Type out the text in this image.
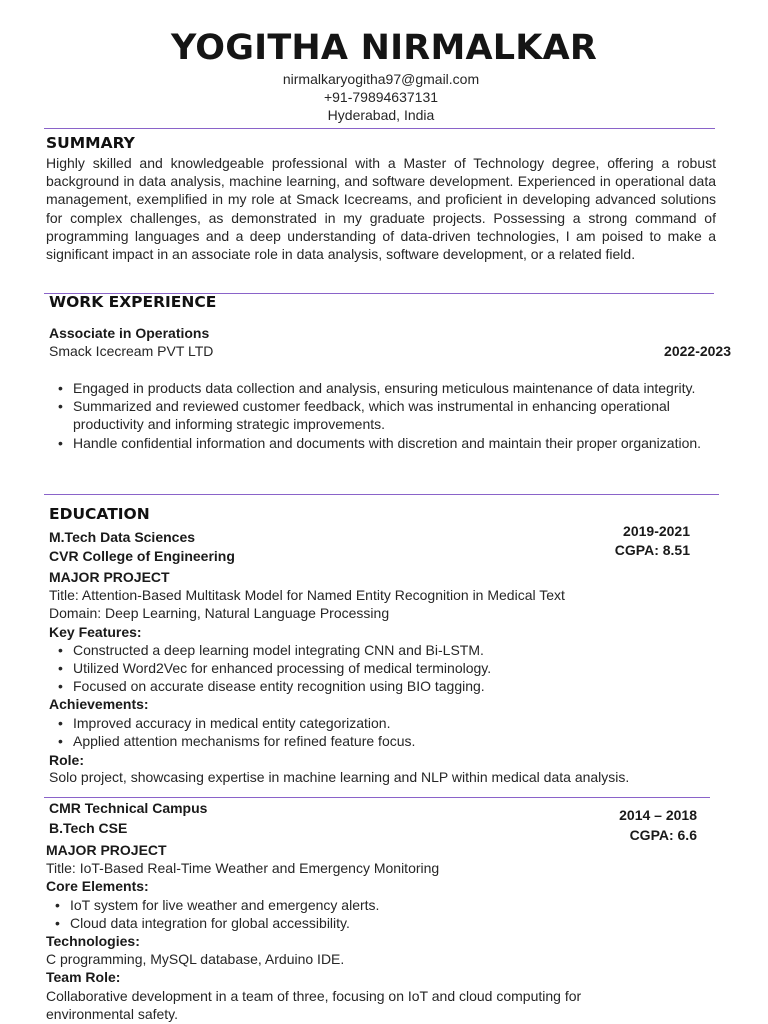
YOGITHA NIRMALKAR
nirmalkaryogitha97@gmail.com
+91-79894637131
Hyderabad, India
SUMMARY
Highly skilled and knowledgeable professional with a Master of Technology degree, offering a robust background in data analysis, machine learning, and software development. Experienced in operational data management, exemplified in my role at Smack Icecreams, and proficient in developing advanced solutions for complex challenges, as demonstrated in my graduate projects. Possessing a strong command of programming languages and a deep understanding of data-driven technologies, I am poised to make a significant impact in an associate role in data analysis, software development, or a related field.
WORK EXPERIENCE
Associate in Operations
Smack Icecream PVT LTD	2022-2023
• Engaged in products data collection and analysis, ensuring meticulous maintenance of data integrity.
• Summarized and reviewed customer feedback, which was instrumental in enhancing operational productivity and informing strategic improvements.
• Handle confidential information and documents with discretion and maintain their proper organization.
EDUCATION
M.Tech Data Sciences
CVR College of Engineering
2019-2021
CGPA: 8.51
MAJOR PROJECT
Title: Attention-Based Multitask Model for Named Entity Recognition in Medical Text
Domain: Deep Learning, Natural Language Processing
Key Features:
• Constructed a deep learning model integrating CNN and Bi-LSTM.
• Utilized Word2Vec for enhanced processing of medical terminology.
• Focused on accurate disease entity recognition using BIO tagging.
Achievements:
• Improved accuracy in medical entity categorization.
• Applied attention mechanisms for refined feature focus.
Role:
Solo project, showcasing expertise in machine learning and NLP within medical data analysis.
CMR Technical Campus
B.Tech CSE
2014 – 2018
CGPA: 6.6
MAJOR PROJECT
Title: IoT-Based Real-Time Weather and Emergency Monitoring
Core Elements:
• IoT system for live weather and emergency alerts.
• Cloud data integration for global accessibility.
Technologies:
C programming, MySQL database, Arduino IDE.
Team Role:
Collaborative development in a team of three, focusing on IoT and cloud computing for environmental safety.
